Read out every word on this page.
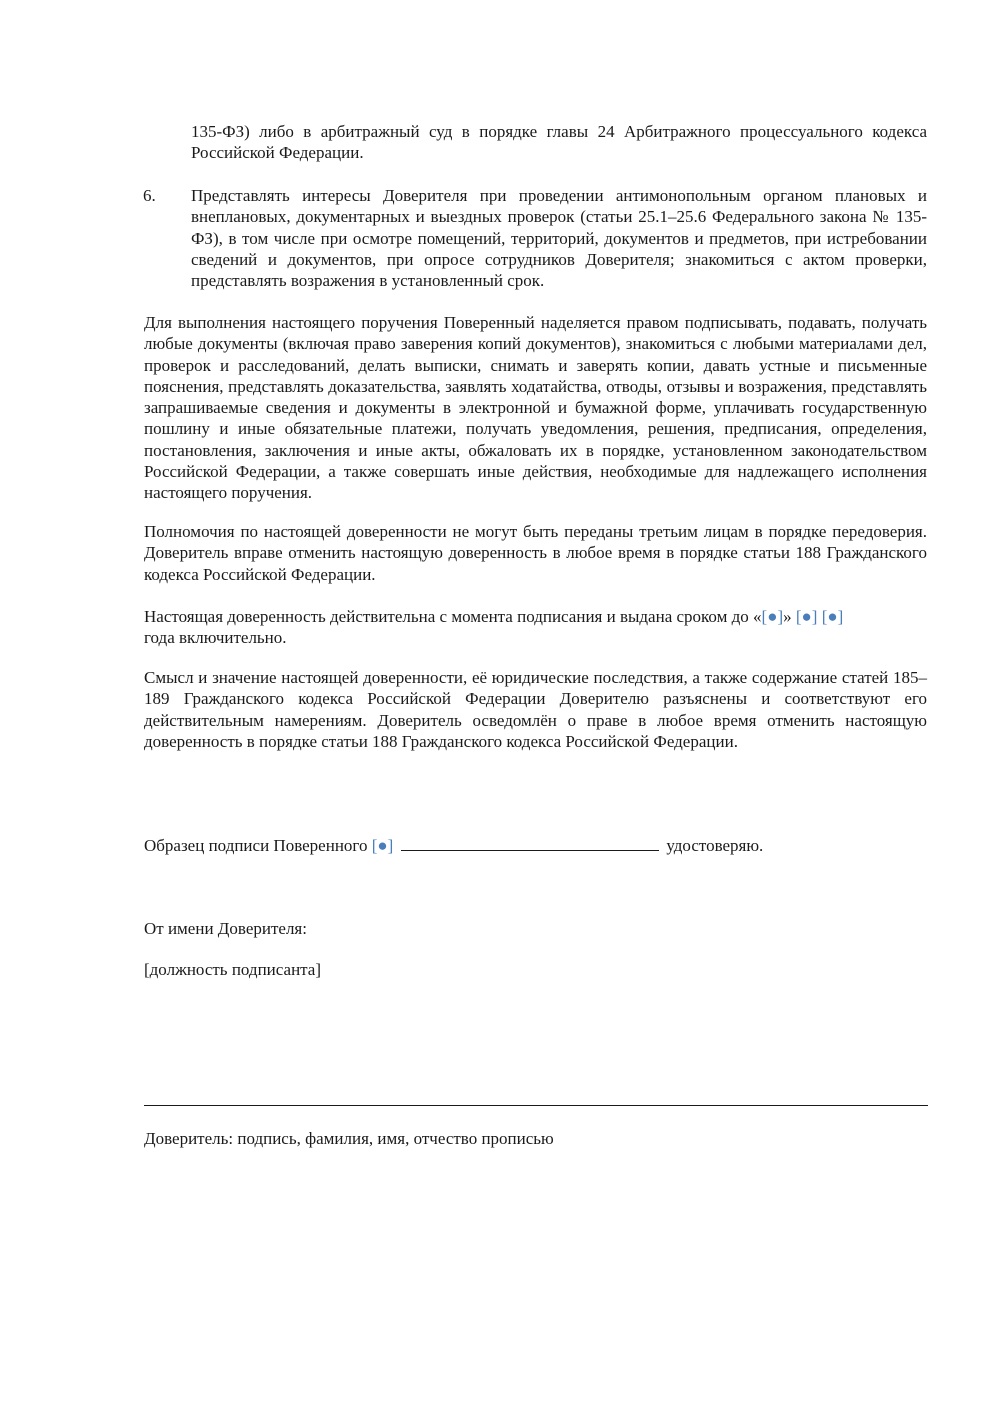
135-ФЗ) либо в арбитражный суд в порядке главы 24 Арбитражного процессуального кодекса Российской Федерации.

6. Представлять интересы Доверителя при проведении антимонопольным органом плановых и внеплановых, документарных и выездных проверок (статьи 25.1–25.6 Федерального закона № 135-ФЗ), в том числе при осмотре помещений, территорий, документов и предметов, при истребовании сведений и документов, при опросе сотрудников Доверителя; знакомиться с актом проверки, представлять возражения в установленный срок.

Для выполнения настоящего поручения Поверенный наделяется правом подписывать, подавать, получать любые документы (включая право заверения копий документов), знакомиться с любыми материалами дел, проверок и расследований, делать выписки, снимать и заверять копии, давать устные и письменные пояснения, представлять доказательства, заявлять ходатайства, отводы, отзывы и возражения, представлять запрашиваемые сведения и документы в электронной и бумажной форме, уплачивать государственную пошлину и иные обязательные платежи, получать уведомления, решения, предписания, определения, постановления, заключения и иные акты, обжаловать их в порядке, установленном законодательством Российской Федерации, а также совершать иные действия, необходимые для надлежащего исполнения настоящего поручения.

Полномочия по настоящей доверенности не могут быть переданы третьим лицам в порядке передоверия. Доверитель вправе отменить настоящую доверенность в любое время в порядке статьи 188 Гражданского кодекса Российской Федерации.

Настоящая доверенность действительна с момента подписания и выдана сроком до «[●]» [●] [●]
года включительно.

Смысл и значение настоящей доверенности, её юридические последствия, а также содержание статей 185–189 Гражданского кодекса Российской Федерации Доверителю разъяснены и соответствуют его действительным намерениям. Доверитель осведомлён о праве в любое время отменить настоящую доверенность в порядке статьи 188 Гражданского кодекса Российской Федерации.

Образец подписи Поверенного [●]	удостоверяю.

От имени Доверителя:

[должность подписанта]

Доверитель: подпись, фамилия, имя, отчество прописью
